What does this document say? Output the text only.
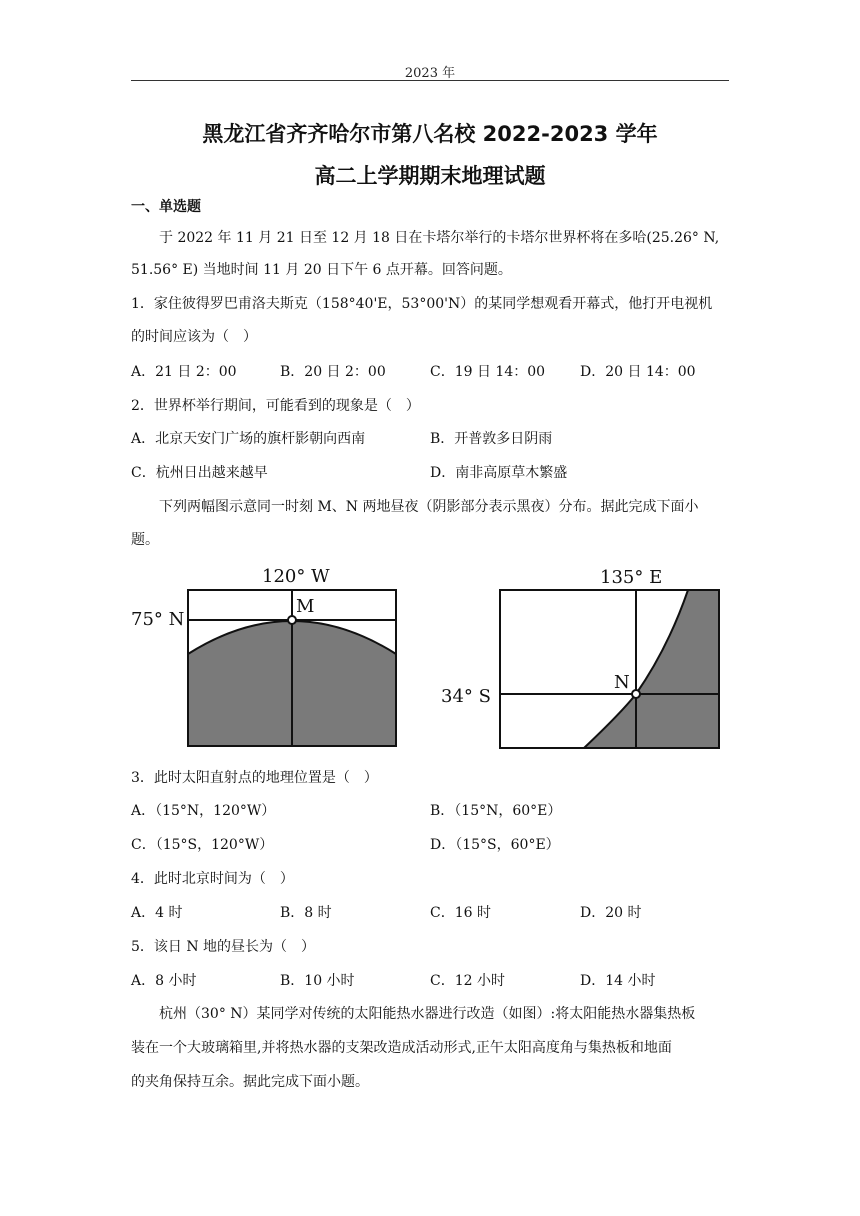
2023 年
黑龙江省齐齐哈尔市第八名校 2022-2023 学年
高二上学期期末地理试题
一、单选题
于 2022 年 11 月 21 日至 12 月 18 日在卡塔尔举行的卡塔尔世界杯将在多哈(25.26° N,
51.56° E) 当地时间 11 月 20 日下午 6 点开幕。回答问题。
1．家住彼得罗巴甫洛夫斯克（158°40'E，53°00'N）的某同学想观看开幕式，他打开电视机
的时间应该为（　）
A．21 日 2：00	B．20 日 2：00	C．19 日 14：00 D．20 日 14：00
2．世界杯举行期间，可能看到的现象是（　）
A．北京天安门广场的旗杆影朝向西南	B．开普敦多日阴雨
C．杭州日出越来越早	D．南非高原草木繁盛
下列两幅图示意同一时刻 M、N 两地昼夜（阴影部分表示黑夜）分布。据此完成下面小
题。
120° W
75° N
M
135° E
34° S
N
3．此时太阳直射点的地理位置是（　）
A．（15°N，120°W）	B．（15°N，60°E）
C．（15°S，120°W）	D．（15°S，60°E）
4．此时北京时间为（　）
A．4 时	B．8 时	C．16 时	D．20 时
5．该日 N 地的昼长为（　）
A．8 小时	B．10 小时	C．12 小时	D．14 小时
杭州（30° N）某同学对传统的太阳能热水器进行改造（如图）:将太阳能热水器集热板
装在一个大玻璃箱里,并将热水器的支架改造成活动形式,正午太阳高度角与集热板和地面
的夹角保持互余。据此完成下面小题。
